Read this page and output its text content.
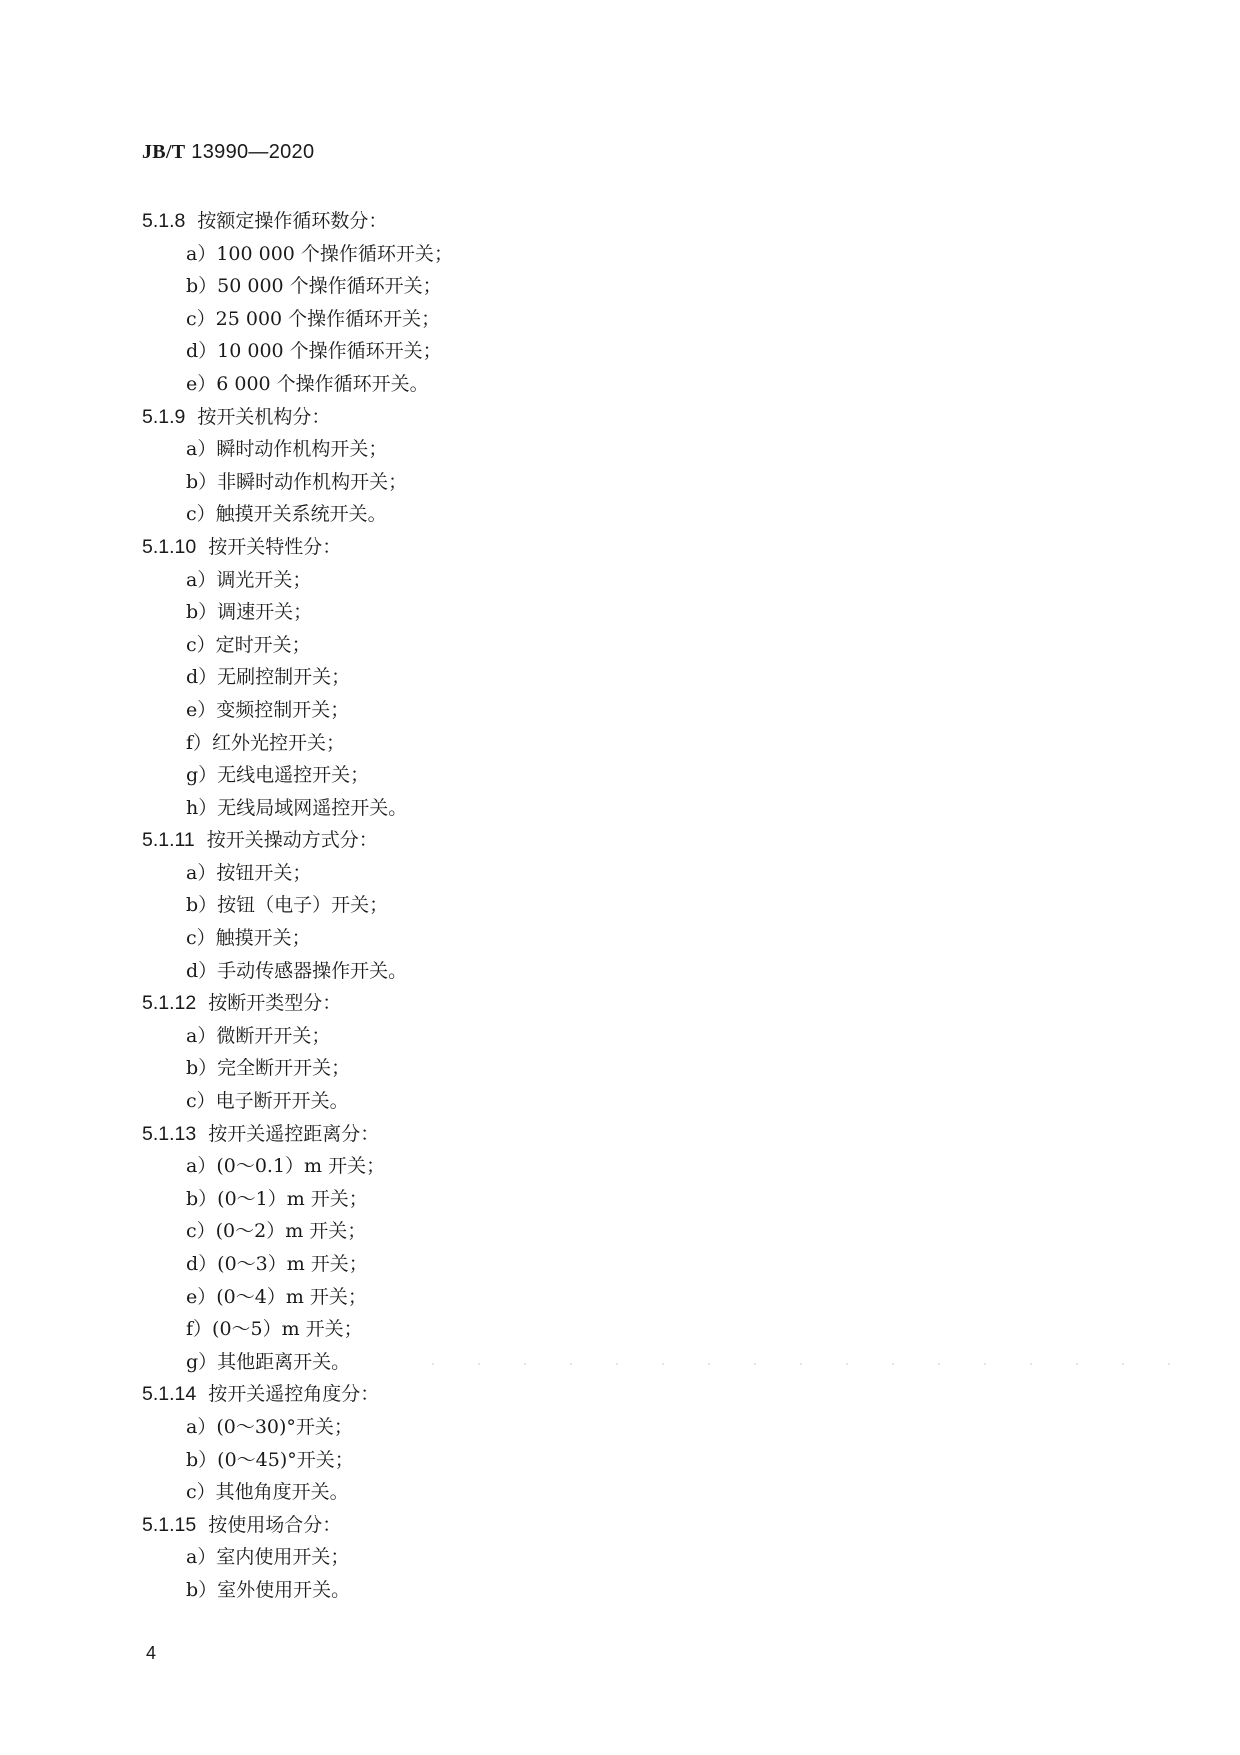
JB/T 13990—2020
5.1.8 按额定操作循环数分：
a）100 000 个操作循环开关；
b）50 000 个操作循环开关；
c）25 000 个操作循环开关；
d）10 000 个操作循环开关；
e）6 000 个操作循环开关。
5.1.9 按开关机构分：
a）瞬时动作机构开关；
b）非瞬时动作机构开关；
c）触摸开关系统开关。
5.1.10 按开关特性分：
a）调光开关；
b）调速开关；
c）定时开关；
d）无刷控制开关；
e）变频控制开关；
f）红外光控开关；
g）无线电遥控开关；
h）无线局域网遥控开关。
5.1.11 按开关操动方式分：
a）按钮开关；
b）按钮（电子）开关；
c）触摸开关；
d）手动传感器操作开关。
5.1.12 按断开类型分：
a）微断开开关；
b）完全断开开关；
c）电子断开开关。
5.1.13 按开关遥控距离分：
a）(0～0.1）m 开关；
b）(0～1）m 开关；
c）(0～2）m 开关；
d）(0～3）m 开关；
e）(0～4）m 开关；
f）(0～5）m 开关；
g）其他距离开关。
5.1.14 按开关遥控角度分：
a）(0～30)°开关；
b）(0～45)°开关；
c）其他角度开关。
5.1.15 按使用场合分：
a）室内使用开关；
b）室外使用开关。
4
